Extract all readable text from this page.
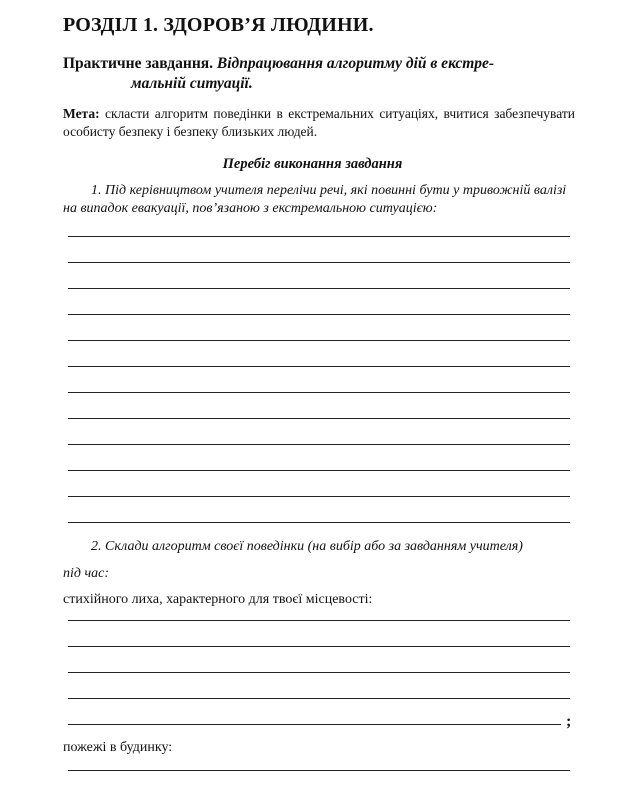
РОЗДІЛ 1. ЗДОРОВ’Я ЛЮДИНИ.
Практичне завдання. Відпрацювання алгоритму дій в екстре-
мальній ситуації.
Мета: скласти алгоритм поведінки в екстремальних ситуаціях, вчитися забезпечувати особисту безпеку і безпеку близьких людей.
Перебіг виконання завдання
1. Під керівництвом учителя перелічи речі, які повинні бути у тривожній валізі на випадок евакуації, пов’язаною з екстремальною ситуацією:
2. Склади алгоритм своєї поведінки (на вибір або за завданням учителя)
під час:
стихійного лиха, характерного для твоєї місцевості:
;
пожежі в будинку:
